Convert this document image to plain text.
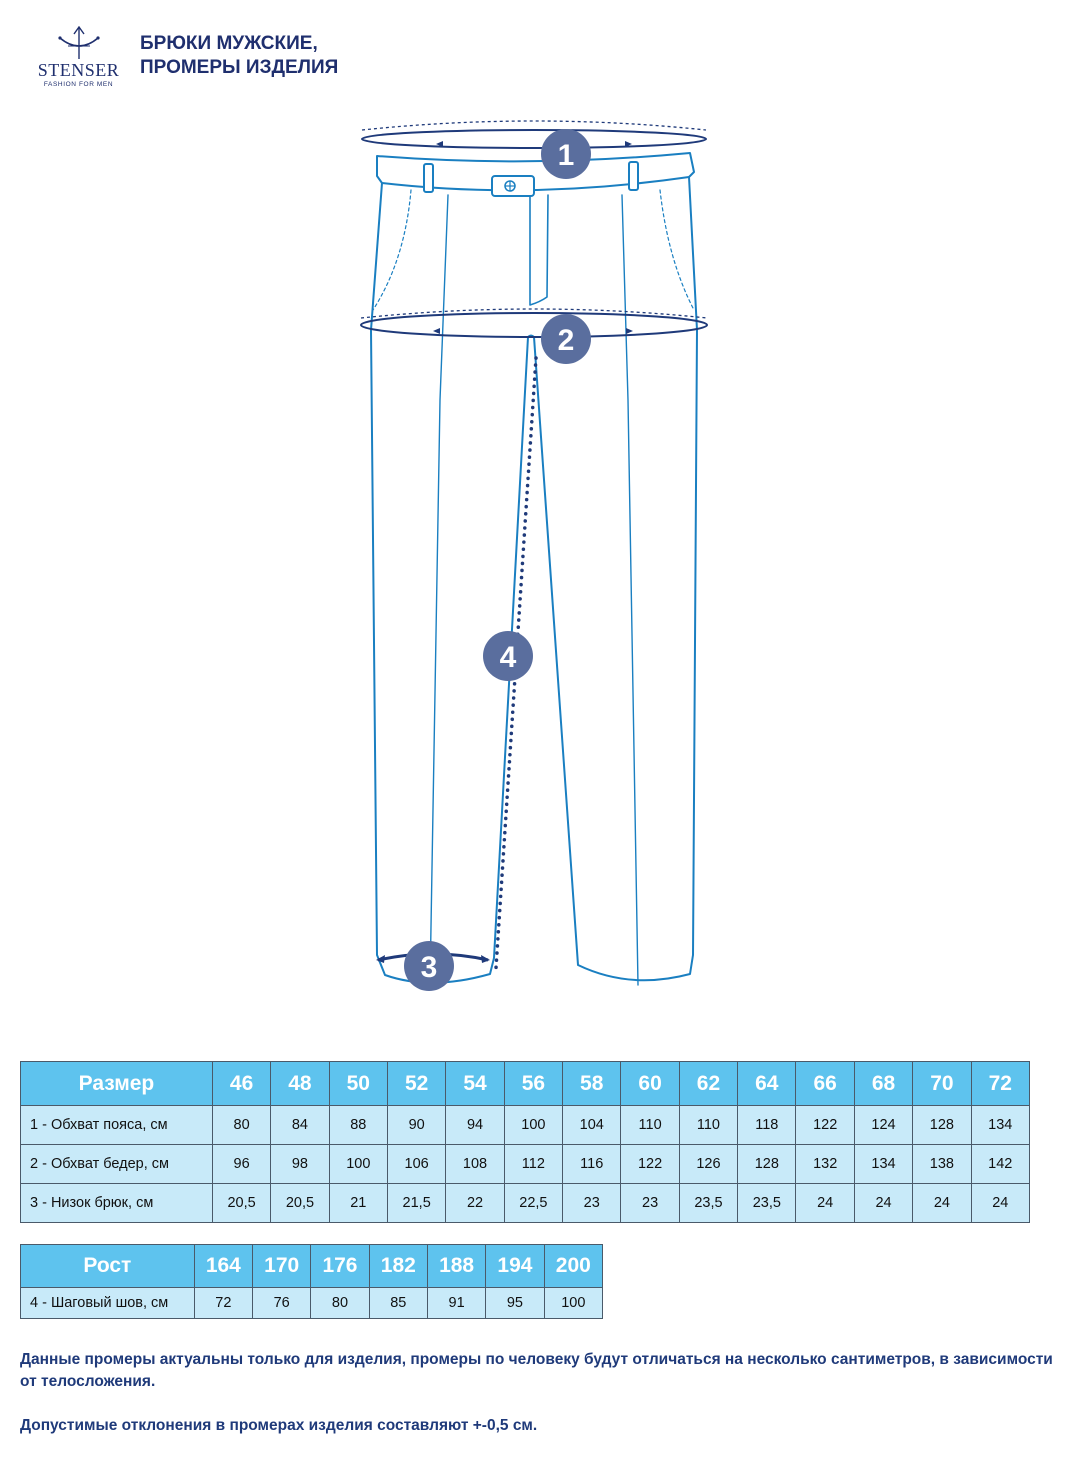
STENSER
FASHION FOR MEN
БРЮКИ МУЖСКИЕ,
ПРОМЕРЫ ИЗДЕЛИЯ
1
2
3
4
Размер	46	48	50	52	54	56	58	60	62	64	66	68	70	72
1 - Обхват пояса, см	80	84	88	90	94	100	104	110	110	118	122	124	128	134
2 - Обхват бедер, см	96	98	100	106	108	112	116	122	126	128	132	134	138	142
3 - Низок брюк, см	20,5	20,5	21	21,5	22	22,5	23	23	23,5	23,5	24	24	24	24
Рост	164	170	176	182	188	194	200
4 - Шаговый шов, см	72	76	80	85	91	95	100

Данные промеры актуальны только для изделия, промеры по человеку будут отличаться на несколько сантиметров, в зависимости от телосложения.

Допустимые отклонения в промерах изделия составляют +-0,5 см.
